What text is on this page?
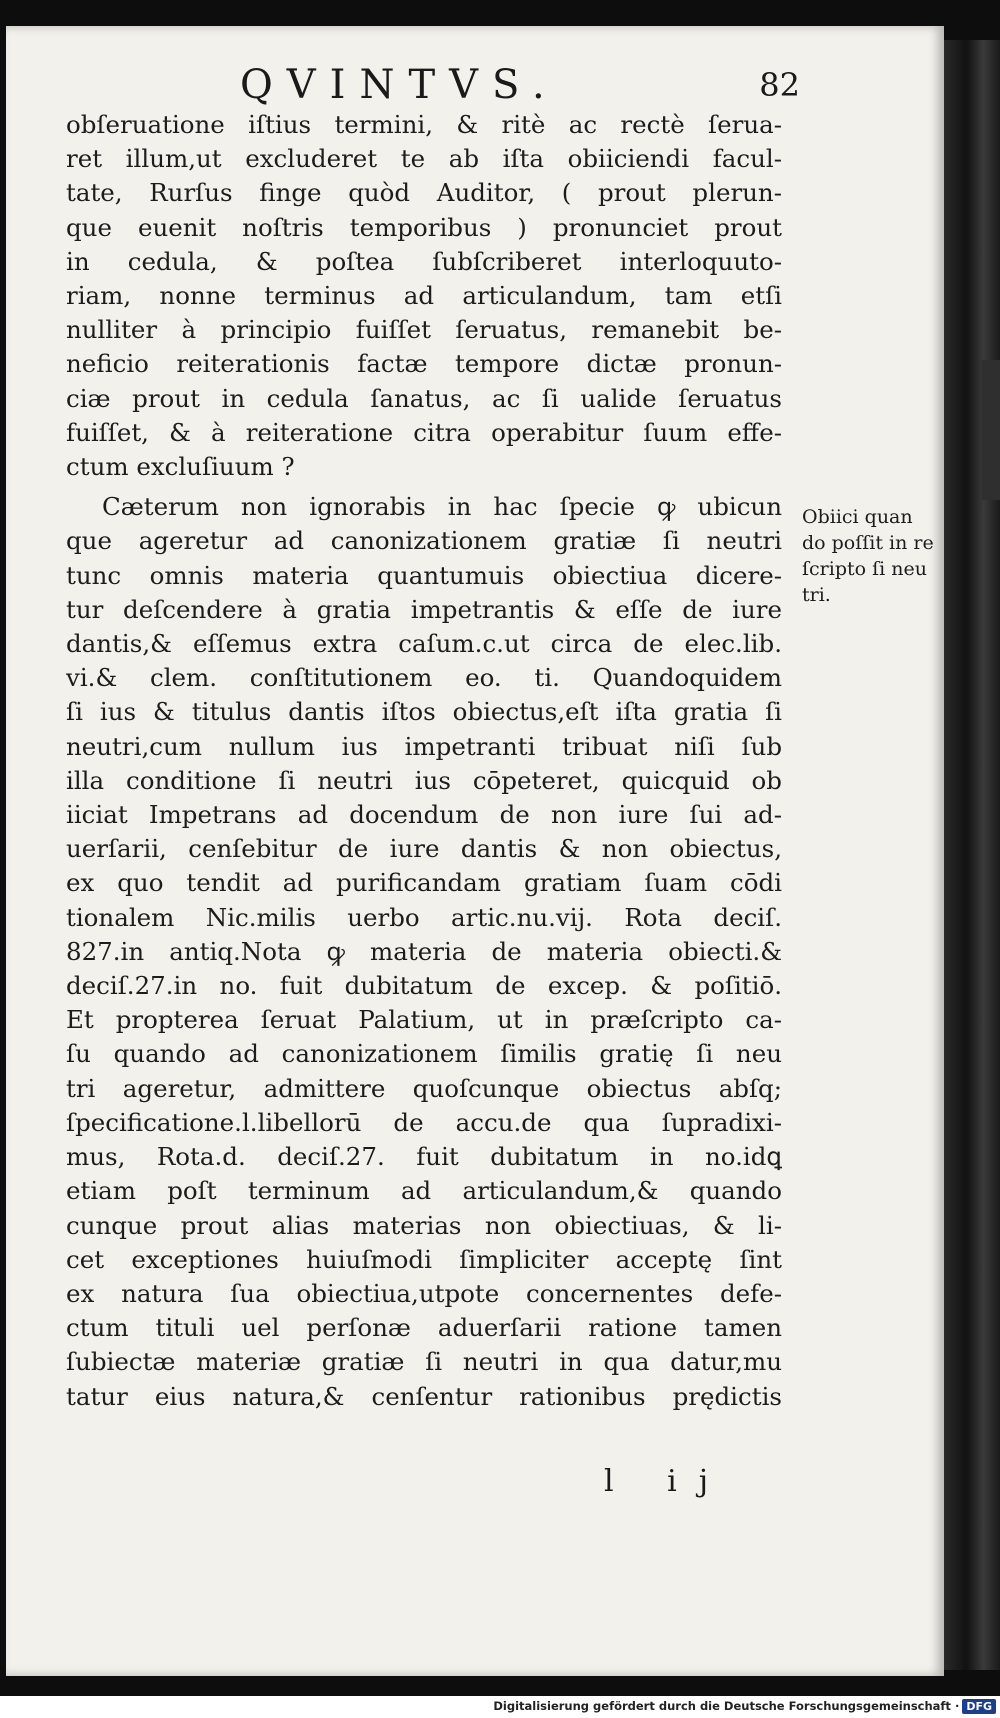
QVINTVS.	82
obſeruatione iſtius termini, & ritè ac rectè ſerua-
ret illum,ut excluderet te ab iſta obiiciendi facul-
tate, Rurſus finge quòd Auditor, ( prout plerun-
que euenit noſtris temporibus ) pronunciet prout
in cedula, & poſtea ſubſcriberet interloquuto-
riam, nonne terminus ad articulandum, tam etſi
nulliter à principio fuiſſet ſeruatus, remanebit be-
neficio reiterationis factæ tempore dictæ pronun-
ciæ prout in cedula ſanatus, ac ſi ualide ſeruatus
fuiſſet, & à reiteratione citra operabitur ſuum effe-
ctum excluſiuum ?
Cæterum non ignorabis in hac ſpecie ꝙ ubicun
que ageretur ad canonizationem gratiæ ſi neutri
tunc omnis materia quantumuis obiectiua dicere-
tur deſcendere à gratia impetrantis & eſſe de iure
dantis,& eſſemus extra caſum.c.ut circa de elec.lib.
vi.& clem. conſtitutionem eo. ti. Quandoquidem
ſi ius & titulus dantis iſtos obiectus,eſt iſta gratia ſi
neutri,cum nullum ius impetranti tribuat niſi ſub
illa conditione ſi neutri ius cōpeteret, quicquid ob
iiciat Impetrans ad docendum de non iure ſui ad-
uerſarii, cenſebitur de iure dantis & non obiectus,
ex quo tendit ad purificandam gratiam ſuam cōdi
tionalem Nic.milis uerbo artic.nu.vij. Rota deciſ.
827.in antiq.Nota ꝙ materia de materia obiecti.&
deciſ.27.in no. fuit dubitatum de excep. & poſitiō.
Et propterea ſeruat Palatium, ut in præſcripto ca-
ſu quando ad canonizationem ſimilis gratię ſi neu
tri ageretur, admittere quoſcunque obiectus abſq;
ſpecificatione.l.libellorū de accu.de qua ſupradixi-
mus, Rota.d. deciſ.27. fuit dubitatum in no.idꝗ
etiam poſt terminum ad articulandum,& quando
cunque prout alias materias non obiectiuas, & li-
cet exceptiones huiuſmodi ſimpliciter acceptę ſint
ex natura ſua obiectiua,utpote concernentes defe-
ctum tituli uel perſonæ aduerſarii ratione tamen
ſubiectæ materiæ gratiæ ſi neutri in qua datur,mu
tatur eius natura,& cenſentur rationibus prędictis
Obiici quan
do poſſit in re
ſcripto ſi neu
tri.
l ij
Digitalisierung gefördert durch die Deutsche Forschungsgemeinschaft · DFG
